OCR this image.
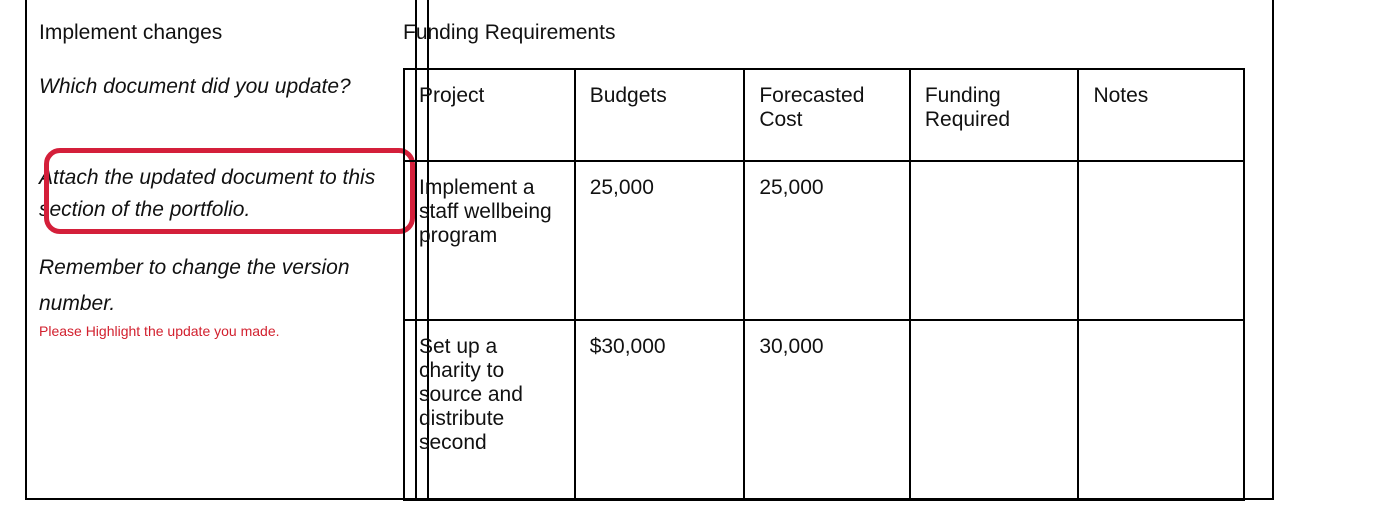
Implement changes
Which document did you update?
Attach the updated document to this section of the portfolio.
Remember to change the version number.
Please Highlight the update you made.
Funding Requirements
Project	Budgets	Forecasted Cost	Funding Required	Notes
Implement a staff wellbeing program	25,000	25,000		
Set up a charity to source and distribute second	$30,000	30,000		
